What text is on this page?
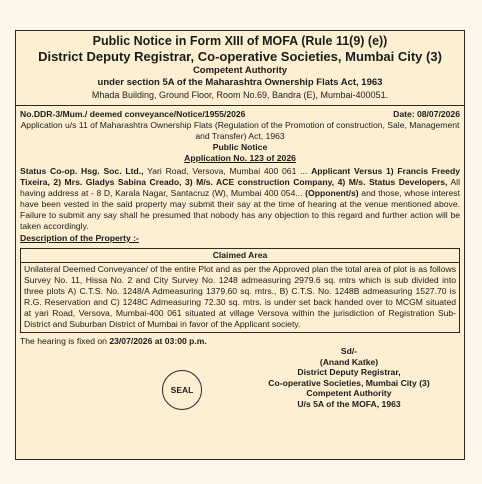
Public Notice in Form XIII of MOFA (Rule 11(9) (e))
District Deputy Registrar, Co-operative Societies, Mumbai City (3)
Competent Authority
under section 5A of the Maharashtra Ownership Flats Act, 1963
Mhada Building, Ground Floor, Room No.69, Bandra (E), Mumbai-400051.
No.DDR-3/Mum./ deemed conveyance/Notice/1955/2026	Date: 08/07/2026
Application u/s 11 of Maharashtra Ownership Flats (Regulation of the Promotion of construction, Sale, Management and Transfer) Act, 1963
Public Notice
Application No. 123 of 2026
Status Co-op. Hsg. Soc. Ltd., Yari Road, Versova, Mumbai 400 061 ... Applicant Versus 1) Francis Freedy Tixeira, 2) Mrs. Gladys Sabina Creado, 3) M/s. ACE construction Company, 4) M/s. Status Developers, All having address at - 8 D, Karala Nagar, Santacruz (W), Mumbai 400 054... (Opponent/s) and those, whose interest have been vested in the said property may submit their say at the time of hearing at the venue mentioned above. Failure to submit any say shall he presumed that nobody has any objection to this regard and further action will be taken accordingly.
Description of the Property :-
Claimed Area
Unilateral Deemed Conveyance/ of the entire Plot and as per the Approved plan the total area of plot is as follows Survey No. 11, Hissa No. 2 and City Survey No. 1248 admeasuring 2979.6 sq. mtrs which is sub divided into three plots A) C.T.S. No. 1248/A Admeasuring 1379.60 sq. mtrs., B) C.T.S. No. 1248B admeasuring 1527.70 is R.G. Reservation and C) 1248C Admeasuring 72.30 sq. mtrs. is under set back handed over to MCGM situated at yari Road, Versova, Mumbai-400 061 situated at village Versova within the jurisdiction of Registration Sub-District and Suburban District of Mumbai in favor of the Applicant society.
The hearing is fixed on 23/07/2026 at 03:00 p.m.
SEAL
Sd/-
(Anand Katke)
District Deputy Registrar,
Co-operative Societies, Mumbai City (3)
Competent Authority
U/s 5A of the MOFA, 1963
